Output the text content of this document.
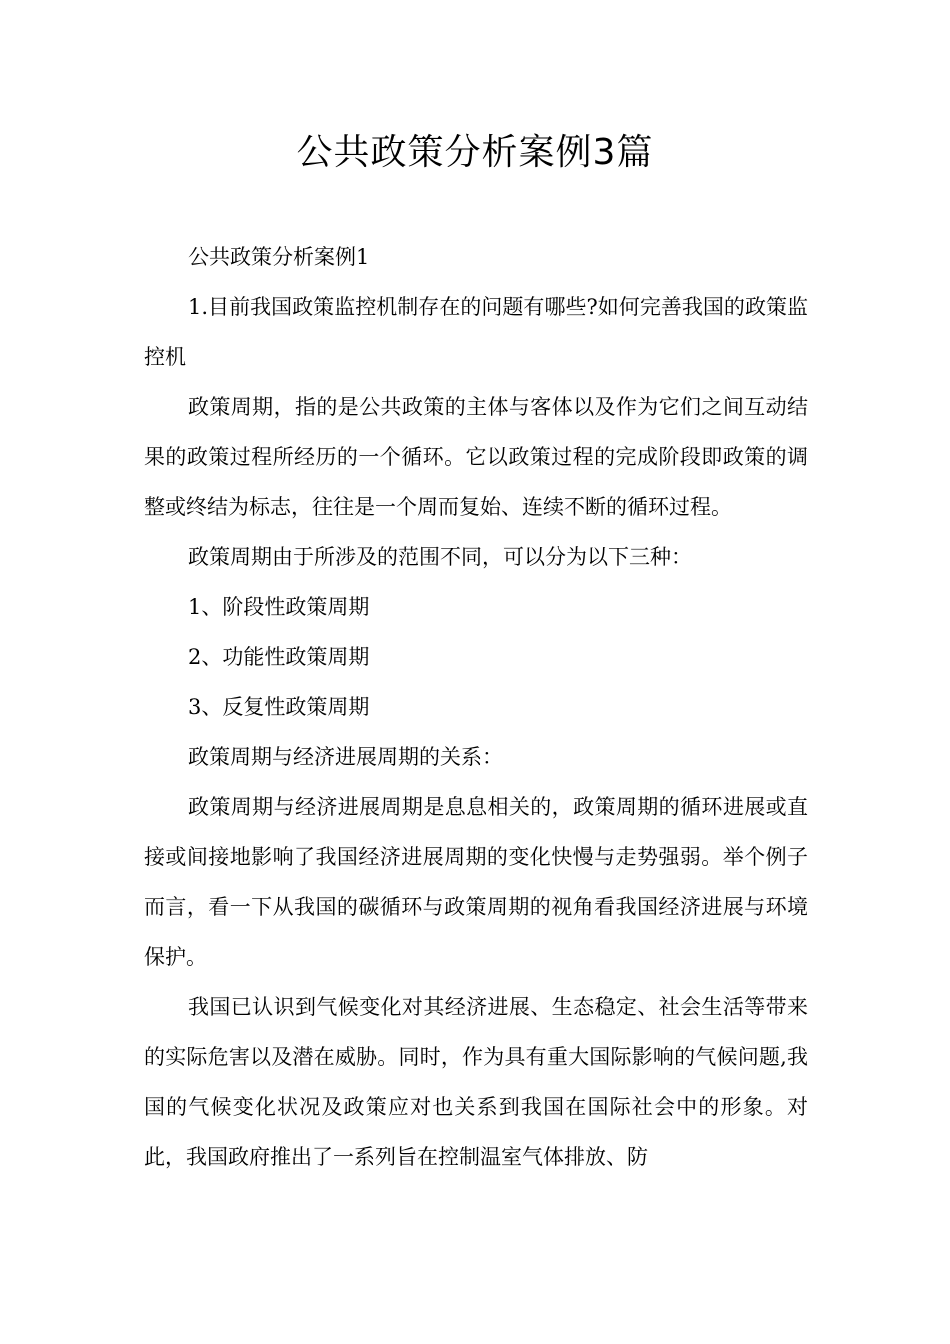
公共政策分析案例3篇

公共政策分析案例1

1.目前我国政策监控机制存在的问题有哪些?如何完善我国的政策监控机

政策周期，指的是公共政策的主体与客体以及作为它们之间互动结果的政策过程所经历的一个循环。它以政策过程的完成阶段即政策的调整或终结为标志，往往是一个周而复始、连续不断的循环过程。

政策周期由于所涉及的范围不同，可以分为以下三种：

1、阶段性政策周期

2、功能性政策周期

3、反复性政策周期

政策周期与经济进展周期的关系：

政策周期与经济进展周期是息息相关的，政策周期的循环进展或直接或间接地影响了我国经济进展周期的变化快慢与走势强弱。举个例子而言，看一下从我国的碳循环与政策周期的视角看我国经济进展与环境保护。

我国已认识到气候变化对其经济进展、生态稳定、社会生活等带来的实际危害以及潜在威胁。同时，作为具有重大国际影响的气候问题,我国的气候变化状况及政策应对也关系到我国在国际社会中的形象。对此，我国政府推出了一系列旨在控制温室气体排放、防
